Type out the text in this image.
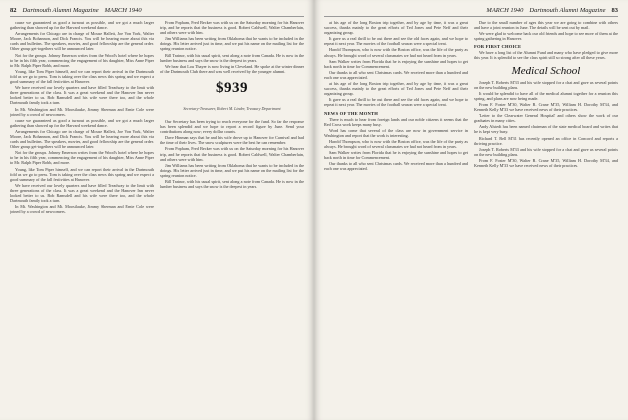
82 Dartmouth Alumni Magazine MARCH 1940

cause we guaranteed as good a turnout as possible, and we got a much larger gathering than showed up for the Harvard weekend dance.

Arrangements for Chicago are in charge of Mouse Hallett, Joe Von York, Walter Moore, Jack Bohannon, and Dick Francis. You will be hearing more about this via cards and bulletins. The speakers, movies, and good fellowship are the general order. Other group get-togethers will be announced later.

Not for the groups. Johnny Emerson writes from the Wood's hotel where he hopes to be in his fifth year, commencing the engagement of his daughter, Miss Anne Piper to Mr. Ralph Piper Robb, and more.

Young, like Tom Piper himself, and we can report their arrival in the Dartmouth fold as we go to press. Tom is taking over the class news this spring and we expect a good summary of the fall festivities at Hanover.

We have received our lovely quarters and have filled Treadway to the limit with three generations of the class. It was a great weekend and the Hanover Inn never looked better to us. Bob Ramsdell and his wife were there too, and the whole Dartmouth family took a turn.

In Mt. Washington and Mt. Moosilauke, Jimmy Sherman and Ernie Cole were joined by a crowd of newcomers.

cause we guaranteed as good a turnout as possible, and we got a much larger gathering than showed up for the Harvard weekend dance.

Arrangements for Chicago are in charge of Mouse Hallett, Joe Von York, Walter Moore, Jack Bohannon, and Dick Francis. You will be hearing more about this via cards and bulletins. The speakers, movies, and good fellowship are the general order. Other group get-togethers will be announced later.

Not for the groups. Johnny Emerson writes from the Wood's hotel where he hopes to be in his fifth year, commencing the engagement of his daughter, Miss Anne Piper to Mr. Ralph Piper Robb, and more.

Young, like Tom Piper himself, and we can report their arrival in the Dartmouth fold as we go to press. Tom is taking over the class news this spring and we expect a good summary of the fall festivities at Hanover.

We have received our lovely quarters and have filled Treadway to the limit with three generations of the class. It was a great weekend and the Hanover Inn never looked better to us. Bob Ramsdell and his wife were there too, and the whole Dartmouth family took a turn.

In Mt. Washington and Mt. Moosilauke, Jimmy Sherman and Ernie Cole were joined by a crowd of newcomers.

From Popham, Fred Becker was with us on the Saturday morning for his Hanover trip, and he reports that the business is good. Robert Caldwell, Walter Chamberlain, and others were with him.

Jim Williams has been writing from Oklahoma that he wants to be included in the doings. His letter arrived just in time, and we put his name on the mailing list for the spring reunion notice.

Bill Trainor, with his usual spirit, sent along a note from Canada. He is now in the lumber business and says the snow is the deepest in years.

We hear that Lou Thayer is now living in Cleveland. He spoke at the winter dinner of the Dartmouth Club there and was well received by the younger alumni.

$939
Secretary-Treasurer, Robert M. Linder, Treasury Department

Our Secretary has been trying to reach everyone for the fund. So far the response has been splendid and we hope to report a record figure by June. Send your contributions along now; every dollar counts.

Dave Hinman says that he and his wife drove up to Hanover for Carnival and had the time of their lives. The snow sculptures were the best he can remember.

From Popham, Fred Becker was with us on the Saturday morning for his Hanover trip, and he reports that the business is good. Robert Caldwell, Walter Chamberlain, and others were with him.

Jim Williams has been writing from Oklahoma that he wants to be included in the doings. His letter arrived just in time, and we put his name on the mailing list for the spring reunion notice.

Bill Trainor, with his usual spirit, sent along a note from Canada. He is now in the lumber business and says the snow is the deepest in years.

MARCH 1940 Dartmouth Alumni Magazine 83

at his age of the long Boston trip together, and by age by time, it was a great success, thanks mainly to the great efforts of Ted Jones and Pete Neff and their organizing group.

It gave us a real thrill to be out there and see the old faces again, and we hope to repeat it next year. The movies of the football season were a special treat.

Harold Thompson, who is now with the Boston office, was the life of the party as always. He brought word of several classmates we had not heard from in years.

Sam Walker writes from Florida that he is enjoying the sunshine and hopes to get back north in time for Commencement.

Our thanks to all who sent Christmas cards. We received more than a hundred and each one was appreciated.

at his age of the long Boston trip together, and by age by time, it was a great success, thanks mainly to the great efforts of Ted Jones and Pete Neff and their organizing group.

It gave us a real thrill to be out there and see the old faces again, and we hope to repeat it next year. The movies of the football season were a special treat.

NEWS OF THE MONTH

There is much to hear from foreign lands and our noble citizens it seems that the Red Cross work keeps many busy.

Word has come that several of the class are now in government service in Washington and report that the work is interesting.

Harold Thompson, who is now with the Boston office, was the life of the party as always. He brought word of several classmates we had not heard from in years.

Sam Walker writes from Florida that he is enjoying the sunshine and hopes to get back north in time for Commencement.

Our thanks to all who sent Christmas cards. We received more than a hundred and each one was appreciated.

Due to the small number of ages this year we are going to combine with others and have a joint reunion in June. The details will be sent out by mail.

We were glad to welcome back our old friends and hope to see more of them at the spring gathering in Hanover.

FOR FIRST CHOICE

We have a long list of the Alumni Fund and many who have pledged to give more this year. It is splendid to see the class spirit still so strong after all these years.

Medical School

Joseph T. Roberts M'33 and his wife stopped for a chat and gave us several points on the new building plans.

It would be splendid to have all of the medical alumni together for a reunion this spring, and plans are now being made.

From F. Foster M'30, Walter R. Crane M'35, William H. Dorothy M'34, and Kenneth Kelly M'33 we have received news of their practices.

'Letter to the Clearwater General Hospital' and others show the work of our graduates in many cities.

Andy Alstedt has been named chairman of the state medical board and writes that he is kept very busy.

Richard T. Bell M'31 has recently opened an office in Concord and reports a thriving practice.

Joseph T. Roberts M'33 and his wife stopped for a chat and gave us several points on the new building plans.

From F. Foster M'30, Walter R. Crane M'35, William H. Dorothy M'34, and Kenneth Kelly M'33 we have received news of their practices.
